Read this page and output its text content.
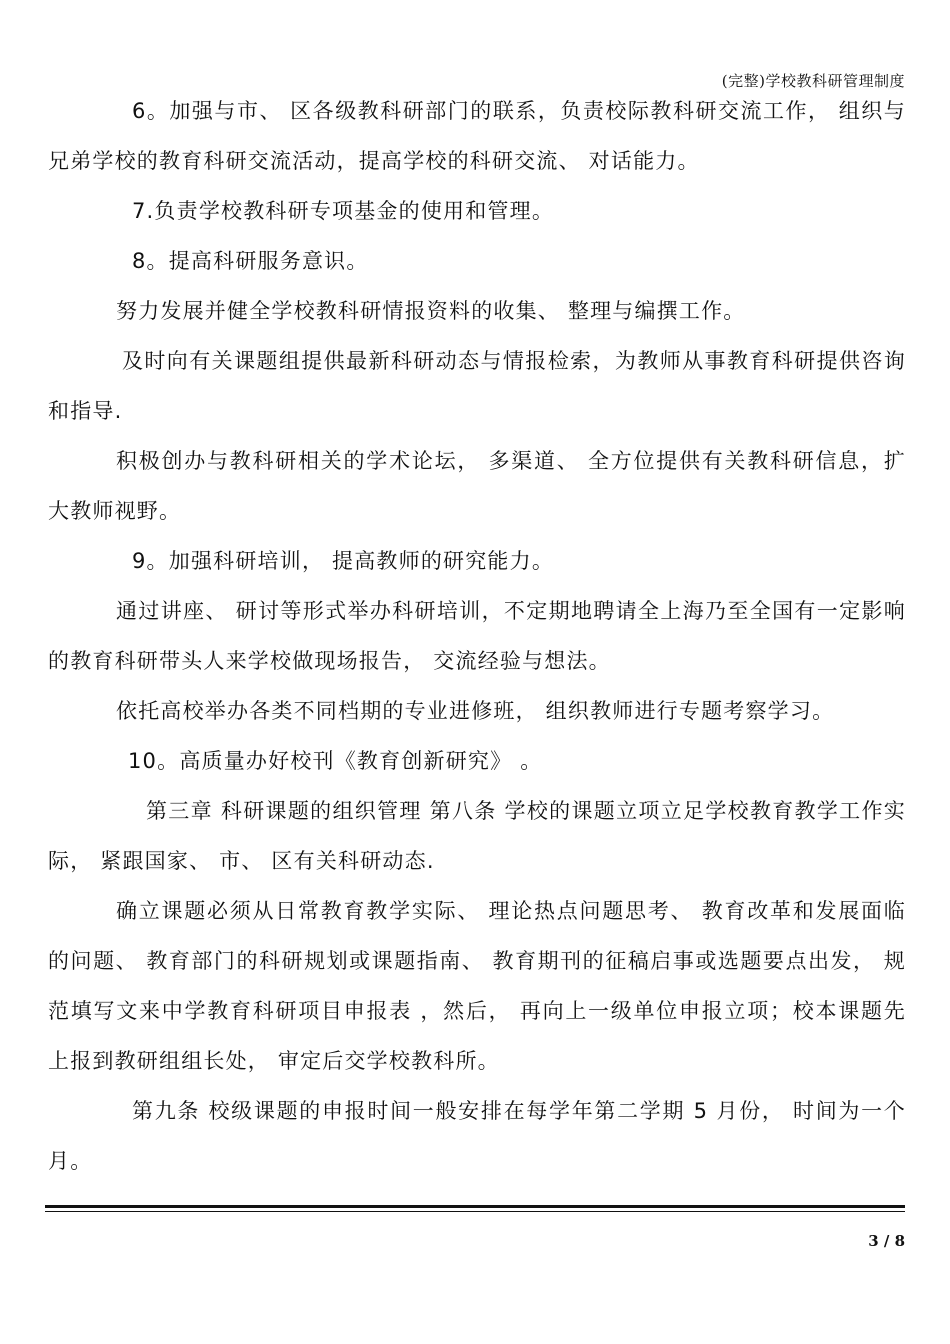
(完整)学校教科研管理制度

6。加强与市、 区各级教科研部门的联系，负责校际教科研交流工作， 组织与兄弟学校的教育科研交流活动，提高学校的科研交流、 对话能力。

7.负责学校教科研专项基金的使用和管理。

8。提高科研服务意识。

努力发展并健全学校教科研情报资料的收集、 整理与编撰工作。

及时向有关课题组提供最新科研动态与情报检索，为教师从事教育科研提供咨询和指导.

积极创办与教科研相关的学术论坛， 多渠道、 全方位提供有关教科研信息，扩大教师视野。

9。加强科研培训， 提高教师的研究能力。

通过讲座、 研讨等形式举办科研培训，不定期地聘请全上海乃至全国有一定影响的教育科研带头人来学校做现场报告， 交流经验与想法。

依托高校举办各类不同档期的专业进修班， 组织教师进行专题考察学习。

10。高质量办好校刊《教育创新研究》 。

第三章 科研课题的组织管理 第八条 学校的课题立项立足学校教育教学工作实际， 紧跟国家、 市、 区有关科研动态.

确立课题必须从日常教育教学实际、 理论热点问题思考、 教育改革和发展面临的问题、 教育部门的科研规划或课题指南、 教育期刊的征稿启事或选题要点出发， 规范填写文来中学教育科研项目申报表 ，然后， 再向上一级单位申报立项；校本课题先上报到教研组组长处， 审定后交学校教科所。

第九条 校级课题的申报时间一般安排在每学年第二学期 5 月份， 时间为一个月。

3 / 8
